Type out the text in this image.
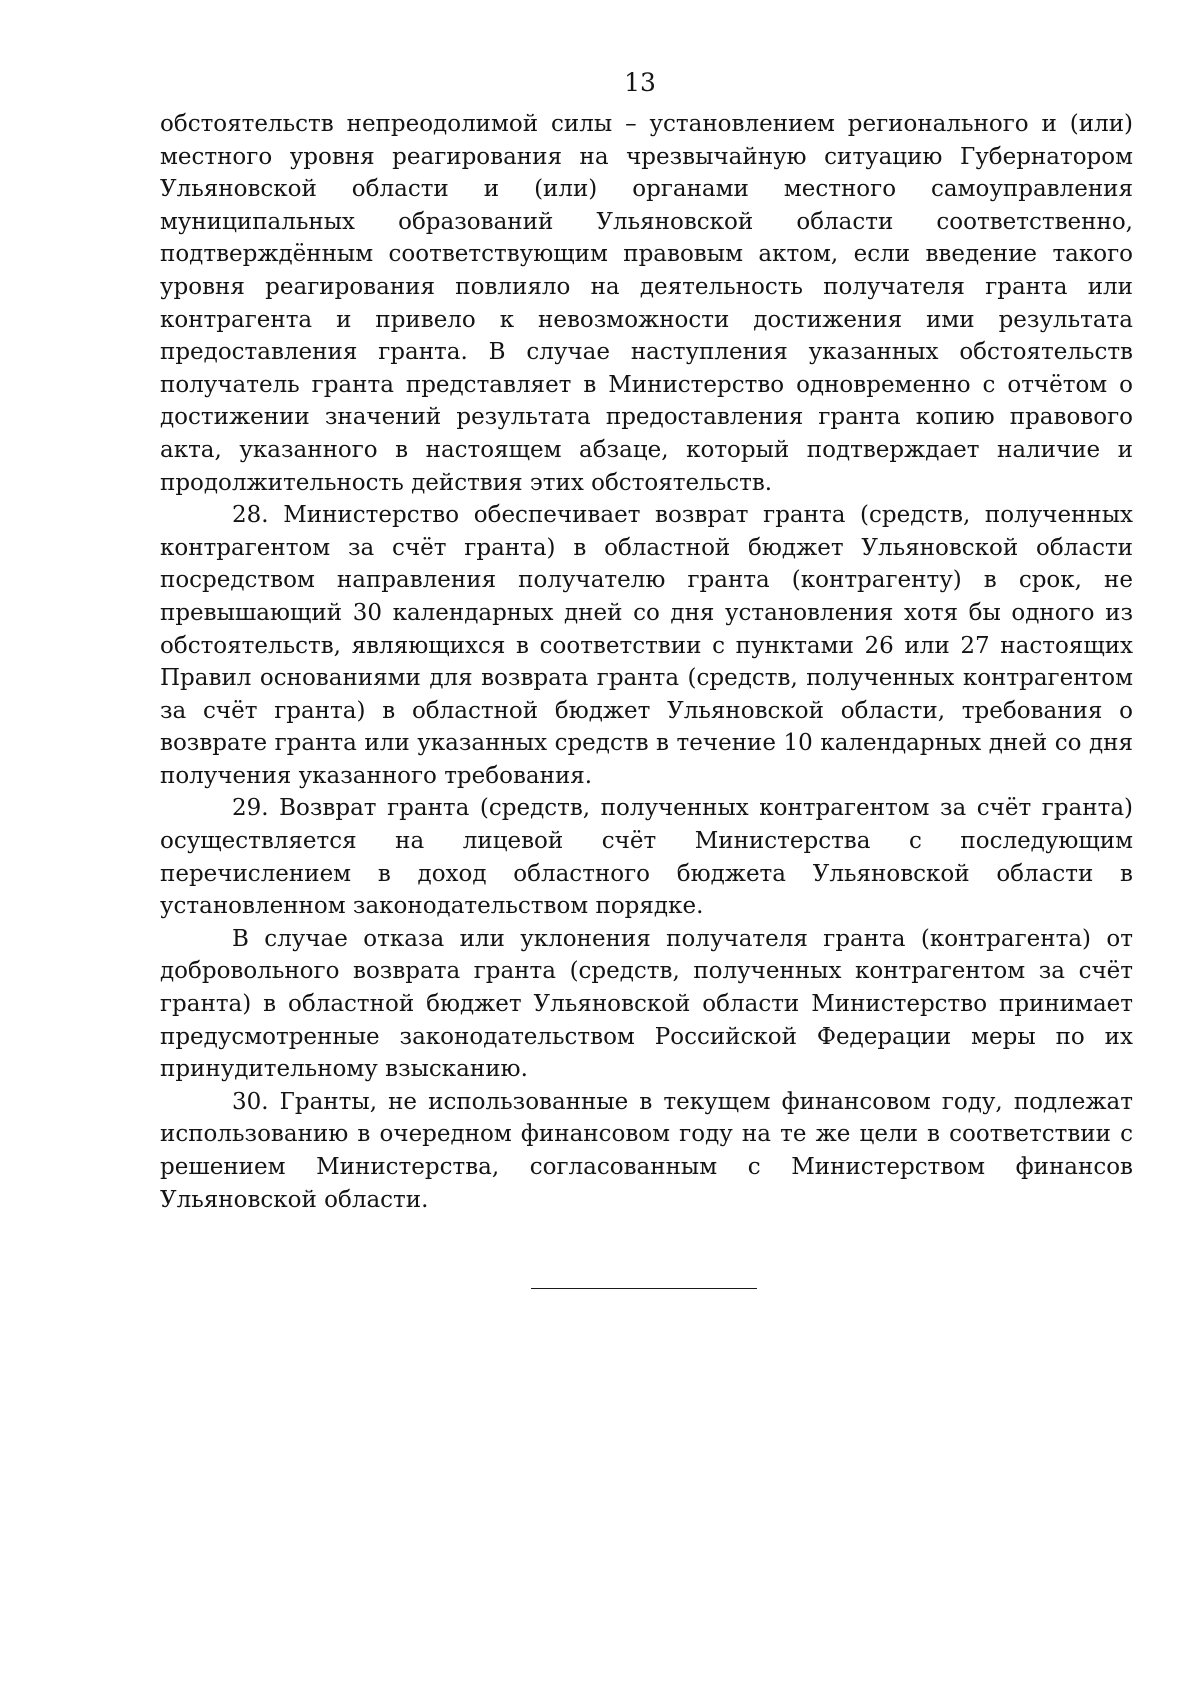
13

обстоятельств непреодолимой силы – установлением регионального и (или) местного уровня реагирования на чрезвычайную ситуацию Губернатором Ульяновской области и (или) органами местного самоуправления муниципальных образований Ульяновской области соответственно, подтверждённым соответствующим правовым актом, если введение такого уровня реагирования повлияло на деятельность получателя гранта или контрагента и привело к невозможности достижения ими результата предоставления гранта. В случае наступления указанных обстоятельств получатель гранта представляет в Министерство одновременно с отчётом о достижении значений результата предоставления гранта копию правового акта, указанного в настоящем абзаце, который подтверждает наличие и продолжительность действия этих обстоятельств.

28. Министерство обеспечивает возврат гранта (средств, полученных контрагентом за счёт гранта) в областной бюджет Ульяновской области посредством направления получателю гранта (контрагенту) в срок, не превышающий 30 календарных дней со дня установления хотя бы одного из обстоятельств, являющихся в соответствии с пунктами 26 или 27 настоящих Правил основаниями для возврата гранта (средств, полученных контрагентом за счёт гранта) в областной бюджет Ульяновской области, требования о возврате гранта или указанных средств в течение 10 календарных дней со дня получения указанного требования.

29. Возврат гранта (средств, полученных контрагентом за счёт гранта) осуществляется на лицевой счёт Министерства с последующим перечислением в доход областного бюджета Ульяновской области в установленном законодательством порядке.

В случае отказа или уклонения получателя гранта (контрагента) от добровольного возврата гранта (средств, полученных контрагентом за счёт гранта) в областной бюджет Ульяновской области Министерство принимает предусмотренные законодательством Российской Федерации меры по их принудительному взысканию.

30. Гранты, не использованные в текущем финансовом году, подлежат использованию в очередном финансовом году на те же цели в соответствии с решением Министерства, согласованным с Министерством финансов Ульяновской области.
